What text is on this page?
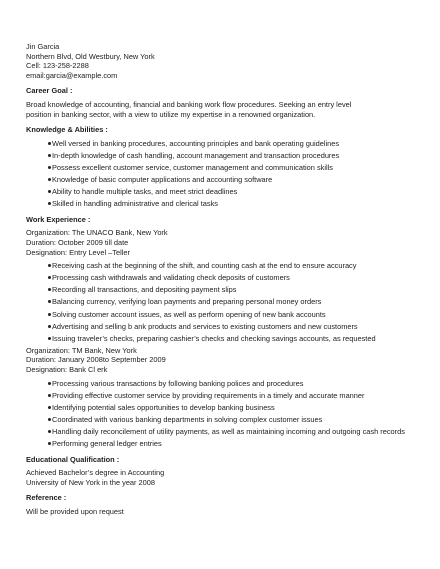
Jin Garcia
Northern Blvd, Old Westbury, New York
Cell: 123-258-2288
email:garcia@example.com
Career Goal :
Broad knowledge of accounting, financial and banking work flow procedures. Seeking an entry level
position in banking sector, with a view to utilize my expertise in a renowned organization.
Knowledge & Abilities :
Well versed in banking procedures, accounting principles and bank operating guidelines
In-depth knowledge of cash handling, account management and transaction procedures
Possess excellent customer service, customer management and communication skills
Knowledge of basic computer applications and accounting software
Ability to handle multiple tasks, and meet strict deadlines
Skilled in handling administrative and clerical tasks
Work Experience :
Organization: The UNACO Bank, New York
Duration: October 2009 till date
Designation: Entry Level –Teller
Receiving cash at the beginning of the shift, and counting cash at the end to ensure accuracy
Processing cash withdrawals and validating check deposits of customers
Recording all transactions, and depositing payment slips
Balancing currency, verifying loan payments and preparing personal money orders
Solving customer account issues, as well as perform opening of new bank accounts
Advertising and selling b ank products and services to existing customers and new customers
Issuing traveler’s checks, preparing cashier’s checks and checking savings accounts, as requested
Organization: TM Bank, New York
Duration: January 2008to September 2009
Designation: Bank Cl erk
Processing various transactions by following banking polices and procedures
Providing effective customer service by providing requirements in a timely and accurate manner
Identifying potential sales opportunities to develop banking business
Coordinated with various banking departments in solving complex customer issues
Handling daily reconcilement of utility payments, as well as maintaining incoming and outgoing cash records
Performing general ledger entries
Educational Qualification :
Achieved Bachelor’s degree in Accounting
University of New York in the year 2008
Reference :
Will be provided upon request
